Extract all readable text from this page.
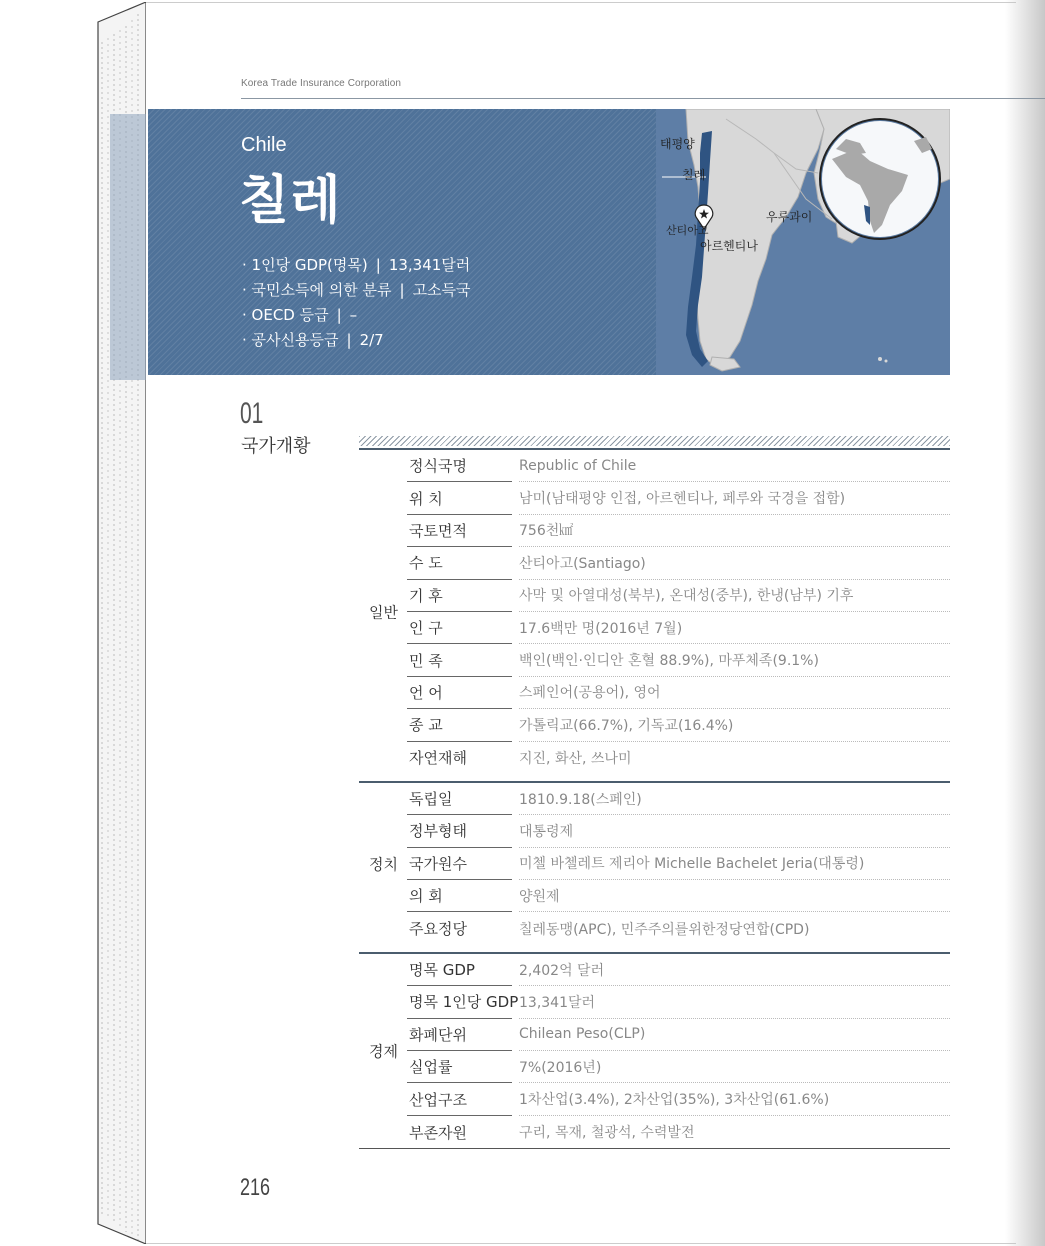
Korea Trade Insurance Corporation
Chile
칠레
· 1인당 GDP(명목) | 13,341달러
· 국민소득에 의한 분류 | 고소득국
· OECD 등급 | –
· 공사신용등급 | 2/7
태평양
칠레
산티아고
아르헨티나
우루과이
01
국가개황
일반
정식국명	Republic of Chile
위 치	남미(남태평양 인접, 아르헨티나, 페루와 국경을 접함)
국토면적	756천㎢
수 도	산티아고(Santiago)
기 후	사막 및 아열대성(북부), 온대성(중부), 한냉(남부) 기후
인 구	17.6백만 명(2016년 7월)
민 족	백인(백인·인디안 혼혈 88.9%), 마푸체족(9.1%)
언 어	스페인어(공용어), 영어
종 교	가톨릭교(66.7%), 기독교(16.4%)
자연재해	지진, 화산, 쓰나미
정치
독립일	1810.9.18(스페인)
정부형태	대통령제
국가원수	미첼 바첼레트 제리아 Michelle Bachelet Jeria(대통령)
의 회	양원제
주요정당	칠레동맹(APC), 민주주의를위한정당연합(CPD)
경제
명목 GDP	2,402억 달러
명목 1인당 GDP 13,341달러
화폐단위	Chilean Peso(CLP)
실업률	7%(2016년)
산업구조	1차산업(3.4%), 2차산업(35%), 3차산업(61.6%)
부존자원	구리, 목재, 철광석, 수력발전
216
